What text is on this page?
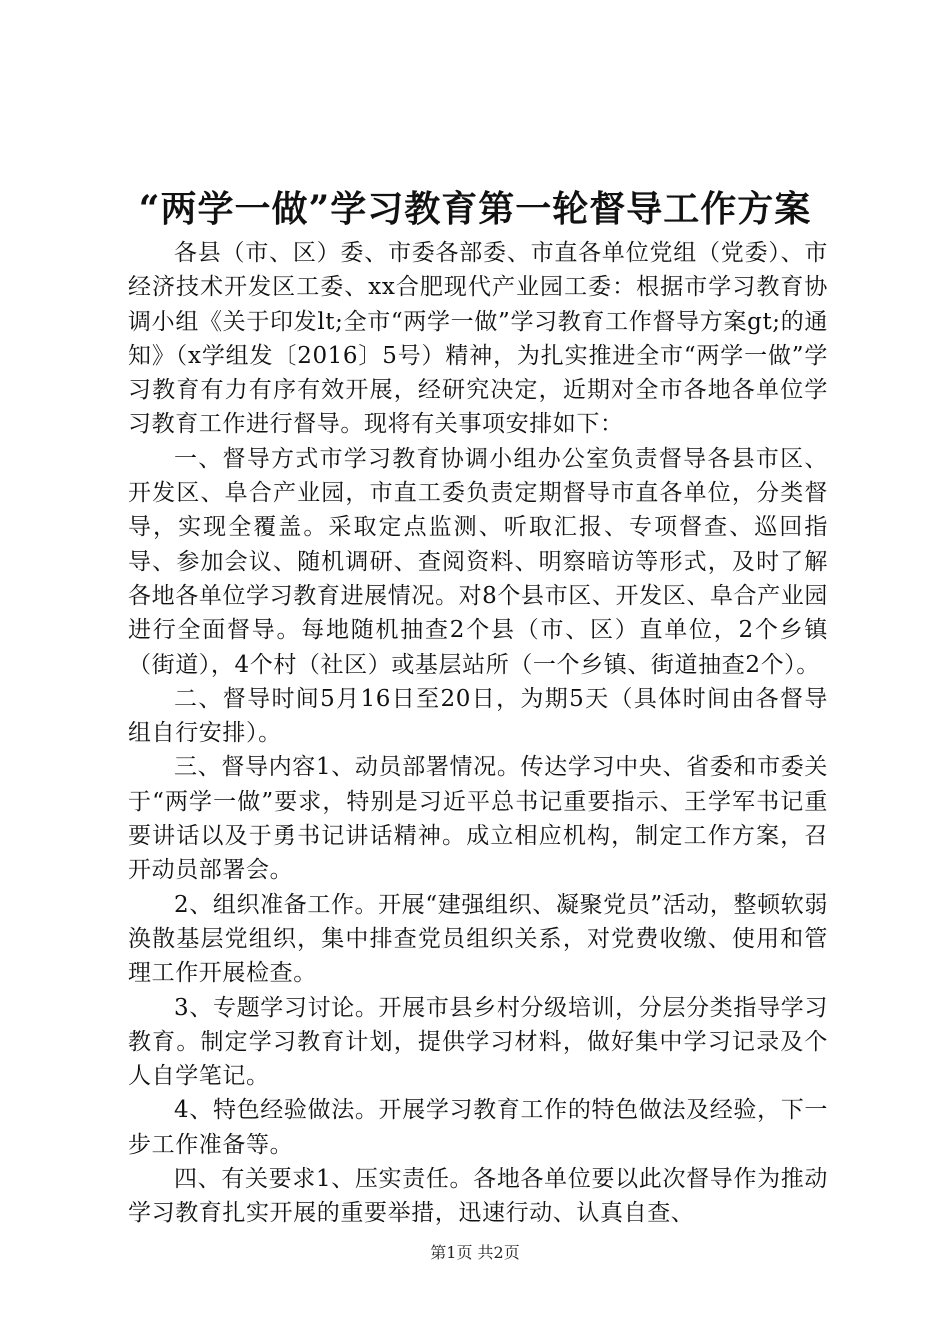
“两学一做”学习教育第一轮督导工作方案

各县（市、区）委、市委各部委、市直各单位党组（党委）、市经济技术开发区工委、xx合肥现代产业园工委：根据市学习教育协调小组《关于印发lt;全市“两学一做”学习教育工作督导方案gt;的通知》（x学组发〔2016〕5号）精神，为扎实推进全市“两学一做”学习教育有力有序有效开展，经研究决定，近期对全市各地各单位学习教育工作进行督导。现将有关事项安排如下：

一、督导方式市学习教育协调小组办公室负责督导各县市区、开发区、阜合产业园，市直工委负责定期督导市直各单位，分类督导，实现全覆盖。采取定点监测、听取汇报、专项督查、巡回指导、参加会议、随机调研、查阅资料、明察暗访等形式，及时了解各地各单位学习教育进展情况。对8个县市区、开发区、阜合产业园进行全面督导。每地随机抽查2个县（市、区）直单位，2个乡镇（街道），4个村（社区）或基层站所（一个乡镇、街道抽查2个）。

二、督导时间5月16日至20日，为期5天（具体时间由各督导组自行安排）。

三、督导内容1、动员部署情况。传达学习中央、省委和市委关于“两学一做”要求，特别是习近平总书记重要指示、王学军书记重要讲话以及于勇书记讲话精神。成立相应机构，制定工作方案，召开动员部署会。

2、组织准备工作。开展“建强组织、凝聚党员”活动，整顿软弱涣散基层党组织，集中排查党员组织关系，对党费收缴、使用和管理工作开展检查。

3、专题学习讨论。开展市县乡村分级培训，分层分类指导学习教育。制定学习教育计划，提供学习材料，做好集中学习记录及个人自学笔记。

4、特色经验做法。开展学习教育工作的特色做法及经验，下一步工作准备等。

四、有关要求1、压实责任。各地各单位要以此次督导作为推动学习教育扎实开展的重要举措，迅速行动、认真自查、

第1页 共2页
